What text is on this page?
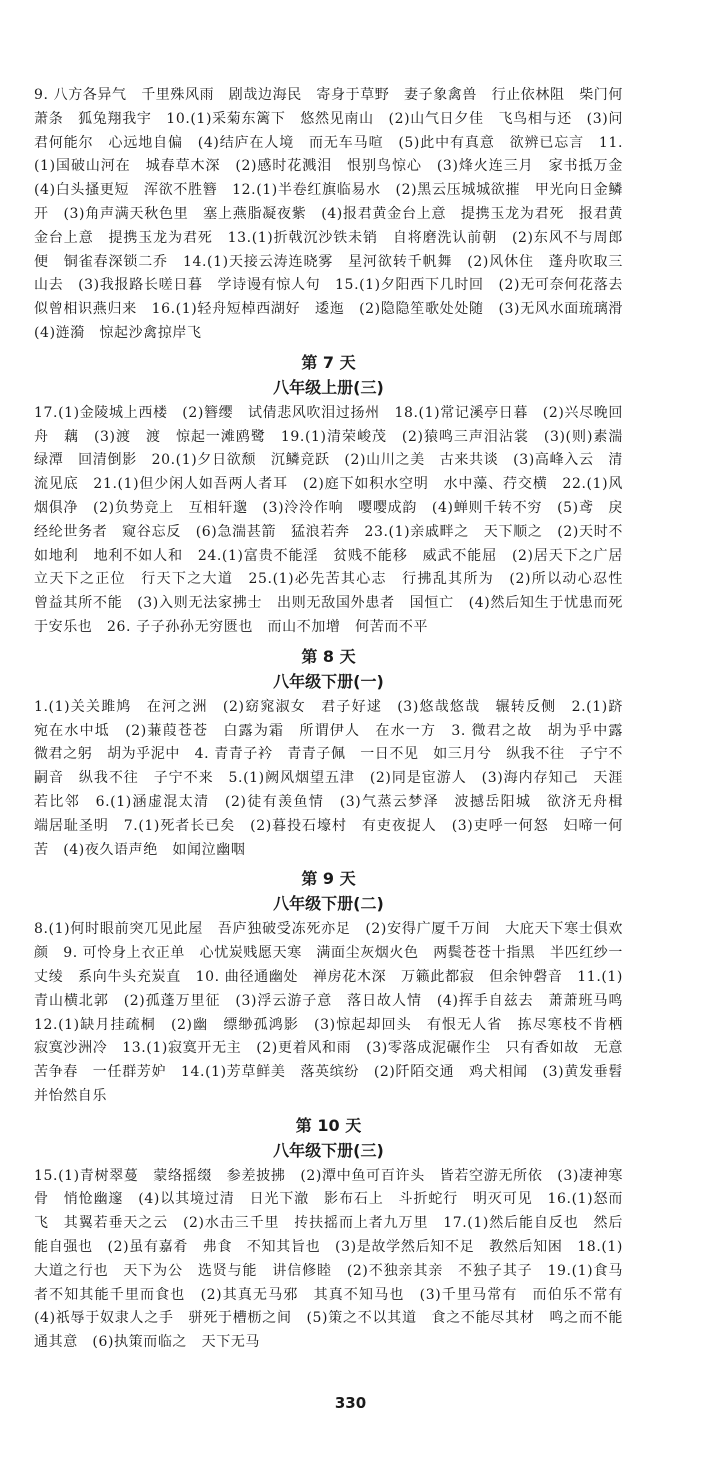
9. 八方各异气　千里殊风雨　剧哉边海民　寄身于草野　妻子象禽兽　行止依林阻　柴门何萧条　狐兔翔我宇　10.(1)采菊东篱下　悠然见南山　(2)山气日夕佳　飞鸟相与还　(3)问君何能尔　心远地自偏　(4)结庐在人境　而无车马喧　(5)此中有真意　欲辨已忘言　11.(1)国破山河在　城春草木深　(2)感时花溅泪　恨别鸟惊心　(3)烽火连三月　家书抵万金　(4)白头搔更短　浑欲不胜簪　12.(1)半卷红旗临易水　(2)黑云压城城欲摧　甲光向日金鳞开　(3)角声满天秋色里　塞上燕脂凝夜紫　(4)报君黄金台上意　提携玉龙为君死　报君黄金台上意　提携玉龙为君死　13.(1)折戟沉沙铁未销　自将磨洗认前朝　(2)东风不与周郎便　铜雀春深锁二乔　14.(1)天接云涛连晓雾　星河欲转千帆舞　(2)风休住　蓬舟吹取三山去　(3)我报路长嗟日暮　学诗谩有惊人句　15.(1)夕阳西下几时回　(2)无可奈何花落去　似曾相识燕归来　16.(1)轻舟短棹西湖好　逶迤　(2)隐隐笙歌处处随　(3)无风水面琉璃滑　(4)涟漪　惊起沙禽掠岸飞

第 7 天
八年级上册(三)

17.(1)金陵城上西楼　(2)簪缨　试倩悲风吹泪过扬州　18.(1)常记溪亭日暮　(2)兴尽晚回舟　藕　(3)渡　渡　惊起一滩鸥鹭　19.(1)清荣峻茂　(2)猿鸣三声泪沾裳　(3)(则)素湍绿潭　回清倒影　20.(1)夕日欲颓　沉鳞竞跃　(2)山川之美　古来共谈　(3)高峰入云　清流见底　21.(1)但少闲人如吾两人者耳　(2)庭下如积水空明　水中藻、荇交横　22.(1)风烟俱净　(2)负势竞上　互相轩邈　(3)泠泠作响　嘤嘤成韵　(4)蝉则千转不穷　(5)鸢　戾　经纶世务者　窥谷忘反　(6)急湍甚箭　猛浪若奔　23.(1)亲戚畔之　天下顺之　(2)天时不如地利　地利不如人和　24.(1)富贵不能淫　贫贱不能移　威武不能屈　(2)居天下之广居　立天下之正位　行天下之大道　25.(1)必先苦其心志　行拂乱其所为　(2)所以动心忍性　曾益其所不能　(3)入则无法家拂士　出则无敌国外患者　国恒亡　(4)然后知生于忧患而死于安乐也　26. 子子孙孙无穷匮也　而山不加增　何苦而不平

第 8 天
八年级下册(一)

1.(1)关关雎鸠　在河之洲　(2)窈窕淑女　君子好逑　(3)悠哉悠哉　辗转反侧　2.(1)跻　宛在水中坻　(2)蒹葭苍苍　白露为霜　所谓伊人　在水一方　3. 微君之故　胡为乎中露　微君之躬　胡为乎泥中　4. 青青子衿　青青子佩　一日不见　如三月兮　纵我不往　子宁不嗣音　纵我不往　子宁不来　5.(1)阙风烟望五津　(2)同是宦游人　(3)海内存知己　天涯若比邻　6.(1)涵虚混太清　(2)徒有羡鱼情　(3)气蒸云梦泽　波撼岳阳城　欲济无舟楫　端居耻圣明　7.(1)死者长已矣　(2)暮投石壕村　有吏夜捉人　(3)吏呼一何怒　妇啼一何苦　(4)夜久语声绝　如闻泣幽咽

第 9 天
八年级下册(二)

8.(1)何时眼前突兀见此屋　吾庐独破受冻死亦足　(2)安得广厦千万间　大庇天下寒士俱欢颜　9. 可怜身上衣正单　心忧炭贱愿天寒　满面尘灰烟火色　两鬓苍苍十指黑　半匹红纱一丈绫　系向牛头充炭直　10. 曲径通幽处　禅房花木深　万籁此都寂　但余钟磬音　11.(1)青山横北郭　(2)孤蓬万里征　(3)浮云游子意　落日故人情　(4)挥手自兹去　萧萧班马鸣　12.(1)缺月挂疏桐　(2)幽　缥缈孤鸿影　(3)惊起却回头　有恨无人省　拣尽寒枝不肯栖　寂寞沙洲冷　13.(1)寂寞开无主　(2)更着风和雨　(3)零落成泥碾作尘　只有香如故　无意苦争春　一任群芳妒　14.(1)芳草鲜美　落英缤纷　(2)阡陌交通　鸡犬相闻　(3)黄发垂髫　并怡然自乐

第 10 天
八年级下册(三)

15.(1)青树翠蔓　蒙络摇缀　参差披拂　(2)潭中鱼可百许头　皆若空游无所依　(3)凄神寒骨　悄怆幽邃　(4)以其境过清　日光下澈　影布石上　斗折蛇行　明灭可见　16.(1)怒而飞　其翼若垂天之云　(2)水击三千里　抟扶摇而上者九万里　17.(1)然后能自反也　然后能自强也　(2)虽有嘉肴　弗食　不知其旨也　(3)是故学然后知不足　教然后知困　18.(1)大道之行也　天下为公　选贤与能　讲信修睦　(2)不独亲其亲　不独子其子　19.(1)食马者不知其能千里而食也　(2)其真无马邪　其真不知马也　(3)千里马常有　而伯乐不常有　(4)祇辱于奴隶人之手　骈死于槽枥之间　(5)策之不以其道　食之不能尽其材　鸣之而不能通其意　(6)执策而临之　天下无马

330
